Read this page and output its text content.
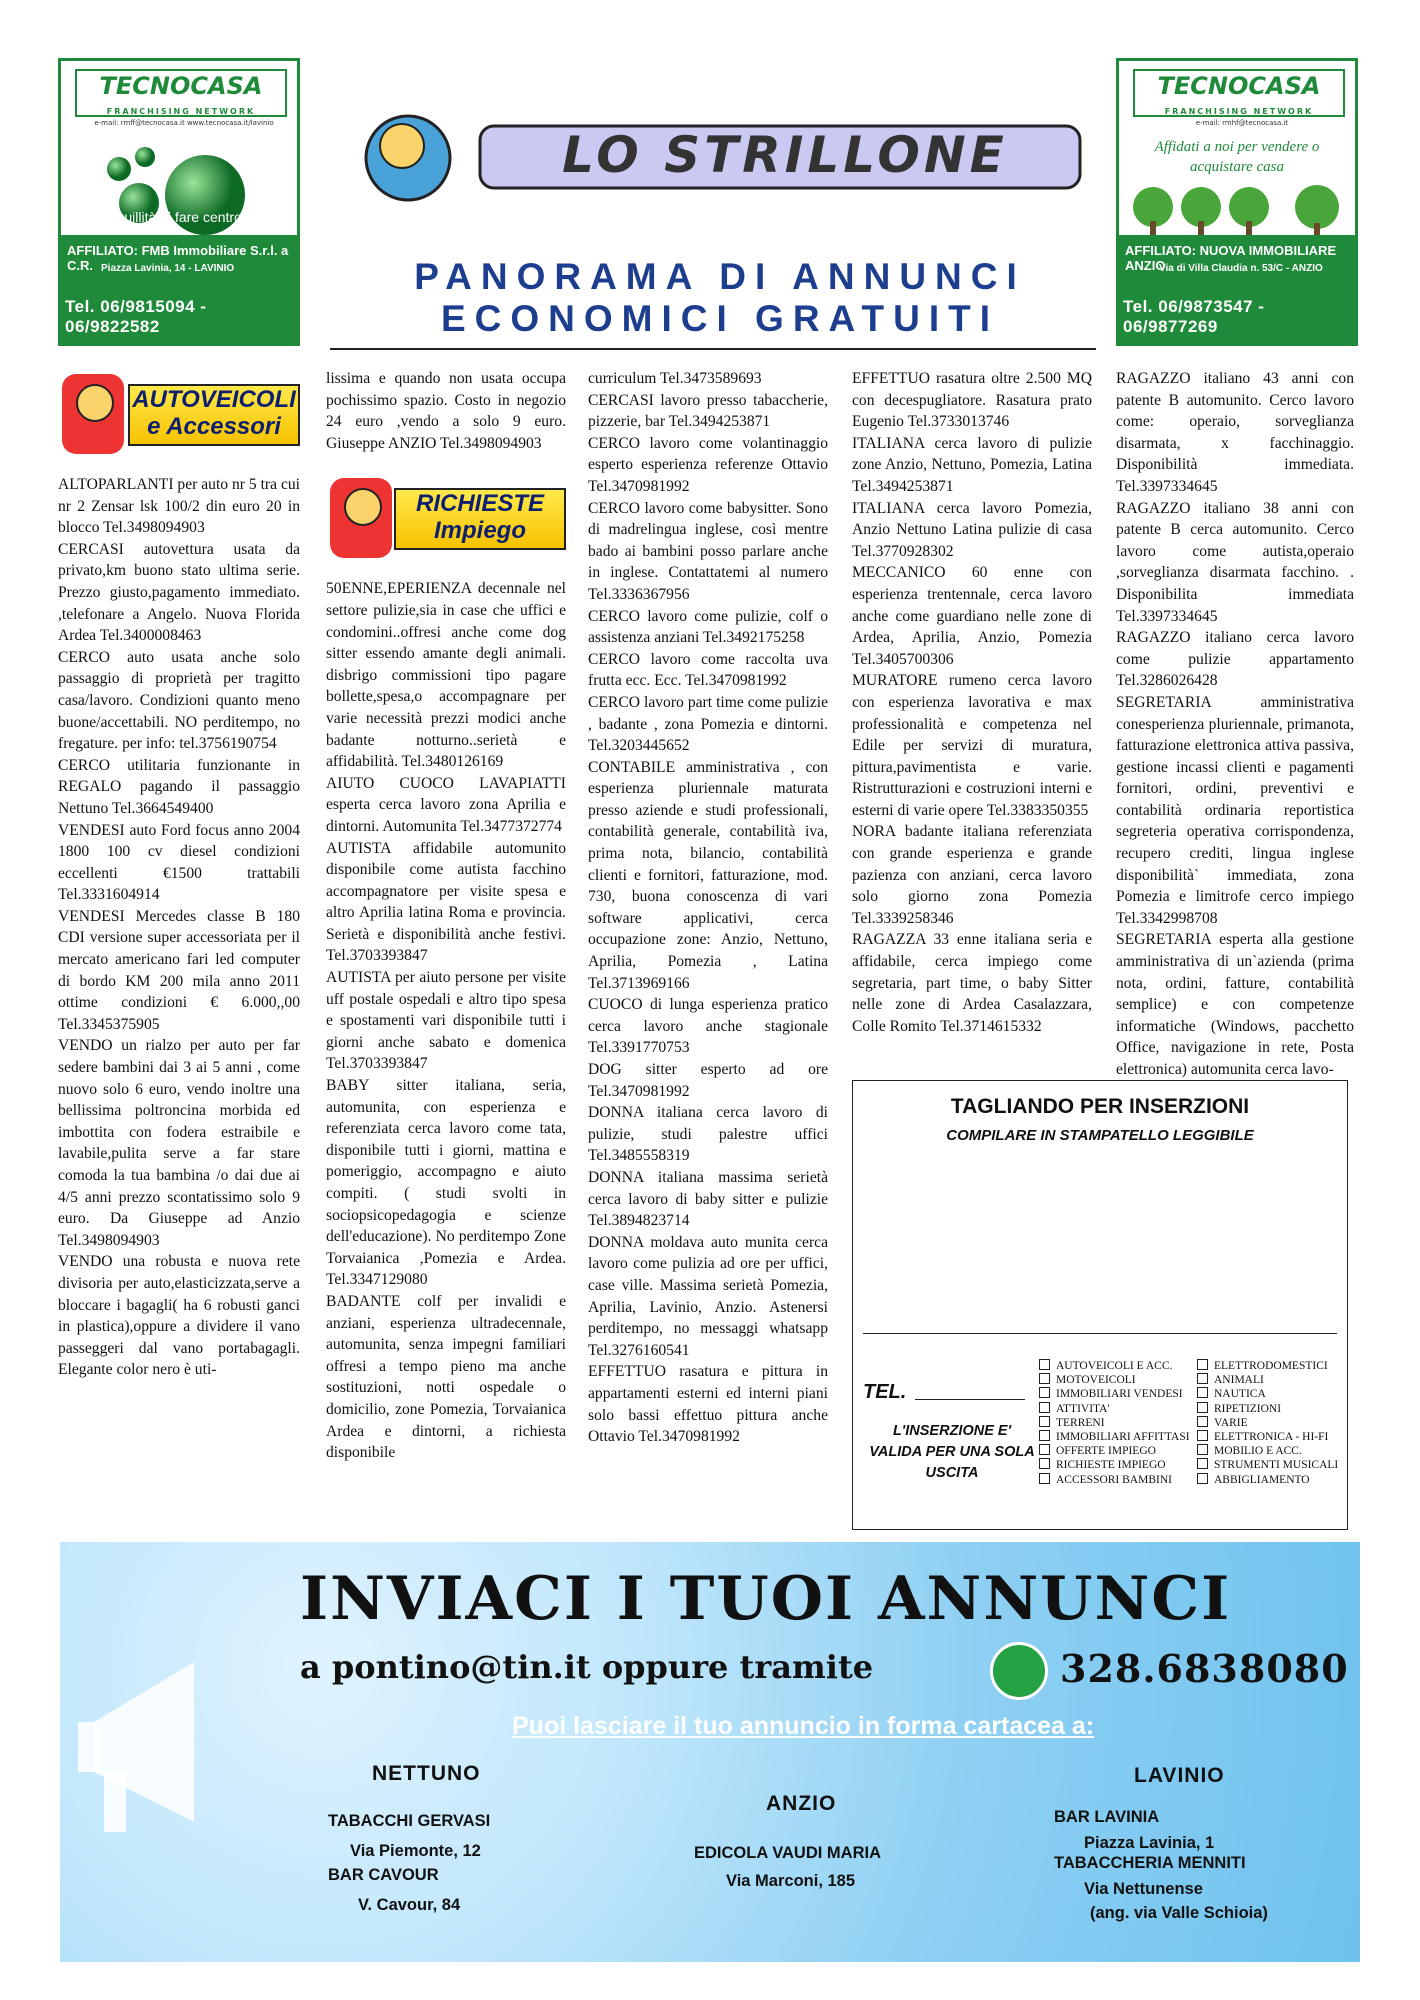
TECNOCASA
FRANCHISING NETWORK
e-mail: rmff@tecnocasa.it www.tecnocasa.it/lavinio
La tranquillità di fare centro
AFFILIATO: FMB Immobiliare S.r.l. a C.R. Piazza Lavinia, 14 - LAVINIO
Tel. 06/9815094 - 06/9822582
LO STRILLONE
PANORAMA DI ANNUNCI
ECONOMICI GRATUITI
TECNOCASA
FRANCHISING NETWORK
e-mail: rmhf@tecnocasa.it
Affidati a noi per vendere o acquistare casa
AFFILIATO: NUOVA IMMOBILIARE ANZIO
Via di Villa Claudia n. 53/C - ANZIO
Tel. 06/9873547 - 06/9877269
AUTOVEICOLI
e Accessori

ALTOPARLANTI per auto nr 5 tra cui nr 2 Zensar lsk 100/2 din euro 20 in blocco Tel.3498094903

CERCASI autovettura usata da privato,km buono stato ultima serie. Prezzo giusto,pagamento immediato. ,telefonare a Angelo. Nuova Florida Ardea Tel.3400008463

CERCO auto usata anche solo passaggio di proprietà per tragitto casa/lavoro. Condizioni quanto meno buone/accettabili. NO perditempo, no fregature. per info: tel.3756190754

CERCO utilitaria funzionante in REGALO pagando il passaggio Nettuno Tel.3664549400

VENDESI auto Ford focus anno 2004 1800 100 cv diesel condizioni eccellenti €1500 trattabili Tel.3331604914

VENDESI Mercedes classe B 180 CDI versione super accessoriata per il mercato americano fari led computer di bordo KM 200 mila anno 2011 ottime condizioni € 6.000,,00 Tel.3345375905

VENDO un rialzo per auto per far sedere bambini dai 3 ai 5 anni , come nuovo solo 6 euro, vendo inoltre una bellissima poltroncina morbida ed imbottita con fodera estraibile e lavabile,pulita serve a far stare comoda la tua bambina /o dai due ai 4/5 anni prezzo scontatissimo solo 9 euro. Da Giuseppe ad Anzio Tel.3498094903

VENDO una robusta e nuova rete divisoria per auto,elasticizzata,serve a bloccare i bagagli( ha 6 robusti ganci in plastica),oppure a dividere il vano passeggeri dal vano portabagagli. Elegante color nero è uti-

lissima e quando non usata occupa pochissimo spazio. Costo in negozio 24 euro ,vendo a solo 9 euro. Giuseppe ANZIO Tel.3498094903

RICHIESTE
Impiego

50ENNE,EPERIENZA decennale nel settore pulizie,sia in case che uffici e condomini..offresi anche come dog sitter essendo amante degli animali. disbrigo commissioni tipo pagare bollette,spesa,o accompagnare per varie necessità prezzi modici anche badante notturno..serietà e affidabilità. Tel.3480126169

AIUTO CUOCO LAVAPIATTI esperta cerca lavoro zona Aprilia e dintorni. Automunita Tel.3477372774

AUTISTA affidabile automunito disponibile come autista facchino accompagnatore per visite spesa e altro Aprilia latina Roma e provincia. Serietà e disponibilità anche festivi. Tel.3703393847

AUTISTA per aiuto persone per visite uff postale ospedali e altro tipo spesa e spostamenti vari disponibile tutti i giorni anche sabato e domenica Tel.3703393847

BABY sitter italiana, seria, automunita, con esperienza e referenziata cerca lavoro come tata, disponibile tutti i giorni, mattina e pomeriggio, accompagno e aiuto compiti. ( studi svolti in sociopsicopedagogia e scienze dell'educazione). No perditempo Zone Torvaianica ,Pomezia e Ardea. Tel.3347129080

BADANTE colf per invalidi e anziani, esperienza ultradecennale, automunita, senza impegni familiari offresi a tempo pieno ma anche sostituzioni, notti ospedale o domicilio, zone Pomezia, Torvaianica Ardea e dintorni, a richiesta disponibile

curriculum Tel.3473589693

CERCASI lavoro presso tabaccherie, pizzerie, bar Tel.3494253871

CERCO lavoro come volantinaggio esperto esperienza referenze Ottavio Tel.3470981992

CERCO lavoro come babysitter. Sono di madrelingua inglese, così mentre bado ai bambini posso parlare anche in inglese. Contattatemi al numero Tel.3336367956

CERCO lavoro come pulizie, colf o assistenza anziani Tel.3492175258

CERCO lavoro come raccolta uva frutta ecc. Ecc. Tel.3470981992

CERCO lavoro part time come pulizie , badante , zona Pomezia e dintorni. Tel.3203445652

CONTABILE amministrativa , con esperienza pluriennale maturata presso aziende e studi professionali, contabilità generale, contabilità iva, prima nota, bilancio, contabilità clienti e fornitori, fatturazione, mod. 730, buona conoscenza di vari software applicativi, cerca occupazione zone: Anzio, Nettuno, Aprilia, Pomezia , Latina Tel.3713969166

CUOCO di lunga esperienza pratico cerca lavoro anche stagionale Tel.3391770753

DOG sitter esperto ad ore Tel.3470981992

DONNA italiana cerca lavoro di pulizie, studi palestre uffici Tel.3485558319

DONNA italiana massima serietà cerca lavoro di baby sitter e pulizie Tel.3894823714

DONNA moldava auto munita cerca lavoro come pulizia ad ore per uffici, case ville. Massima serietà Pomezia, Aprilia, Lavinio, Anzio. Astenersi perditempo, no messaggi whatsapp Tel.3276160541

EFFETTUO rasatura e pittura in appartamenti esterni ed interni piani solo bassi effettuo pittura anche Ottavio Tel.3470981992

EFFETTUO rasatura oltre 2.500 MQ con decespugliatore. Rasatura prato Eugenio Tel.3733013746

ITALIANA cerca lavoro di pulizie zone Anzio, Nettuno, Pomezia, Latina Tel.3494253871

ITALIANA cerca lavoro Pomezia, Anzio Nettuno Latina pulizie di casa Tel.3770928302

MECCANICO 60 enne con esperienza trentennale, cerca lavoro anche come guardiano nelle zone di Ardea, Aprilia, Anzio, Pomezia Tel.3405700306

MURATORE rumeno cerca lavoro con esperienza lavorativa e max professionalità e competenza nel Edile per servizi di muratura, pittura,pavimentista e varie. Ristrutturazioni e costruzioni interni e esterni di varie opere Tel.3383350355

NORA badante italiana referenziata con grande esperienza e grande pazienza con anziani, cerca lavoro solo giorno zona Pomezia Tel.3339258346

RAGAZZA 33 enne italiana seria e affidabile, cerca impiego come segretaria, part time, o baby Sitter nelle zone di Ardea Casalazzara, Colle Romito Tel.3714615332

RAGAZZO italiano 43 anni con patente B automunito. Cerco lavoro come: operaio, sorveglianza disarmata, x facchinaggio. Disponibilità immediata. Tel.3397334645

RAGAZZO italiano 38 anni con patente B cerca automunito. Cerco lavoro come autista,operaio ,sorveglianza disarmata facchino. . Disponibilita immediata Tel.3397334645

RAGAZZO italiano cerca lavoro come pulizie appartamento Tel.3286026428

SEGRETARIA amministrativa conesperienza pluriennale, primanota, fatturazione elettronica attiva passiva, gestione incassi clienti e pagamenti fornitori, ordini, preventivi e contabilità ordinaria reportistica segreteria operativa corrispondenza, recupero crediti, lingua inglese disponibilità` immediata, zona Pomezia e limitrofe cerco impiego Tel.3342998708

SEGRETARIA esperta alla gestione amministrativa di un`azienda (prima nota, ordini, fatture, contabilità semplice) e con competenze informatiche (Windows, pacchetto Office, navigazione in rete, Posta elettronica) automunita cerca lavo-

TAGLIANDO PER INSERZIONI
COMPILARE IN STAMPATELLO LEGGIBILE
TEL.
L'INSERZIONE E' VALIDA PER UNA SOLA USCITA
AUTOVEICOLI E ACC.
MOTOVEICOLI
IMMOBILIARI VENDESI
ATTIVITA'
TERRENI
IMMOBILIARI AFFITTASI
OFFERTE IMPIEGO
RICHIESTE IMPIEGO
ACCESSORI BAMBINI
ELETTRODOMESTICI
ANIMALI
NAUTICA
RIPETIZIONI
VARIE
ELETTRONICA - HI-FI
MOBILIO E ACC.
STRUMENTI MUSICALI
ABBIGLIAMENTO
INVIACI I TUOI ANNUNCI
a pontino@tin.it oppure tramite	328.6838080
Puoi lasciare il tuo annuncio in forma cartacea a:
NETTUNO
TABACCHI GERVASI
Via Piemonte, 12
BAR CAVOUR
V. Cavour, 84
ANZIO
EDICOLA VAUDI MARIA
Via Marconi, 185
LAVINIO
BAR LAVINIA
Piazza Lavinia, 1
TABACCHERIA MENNITI
Via Nettunense
(ang. via Valle Schioia)
